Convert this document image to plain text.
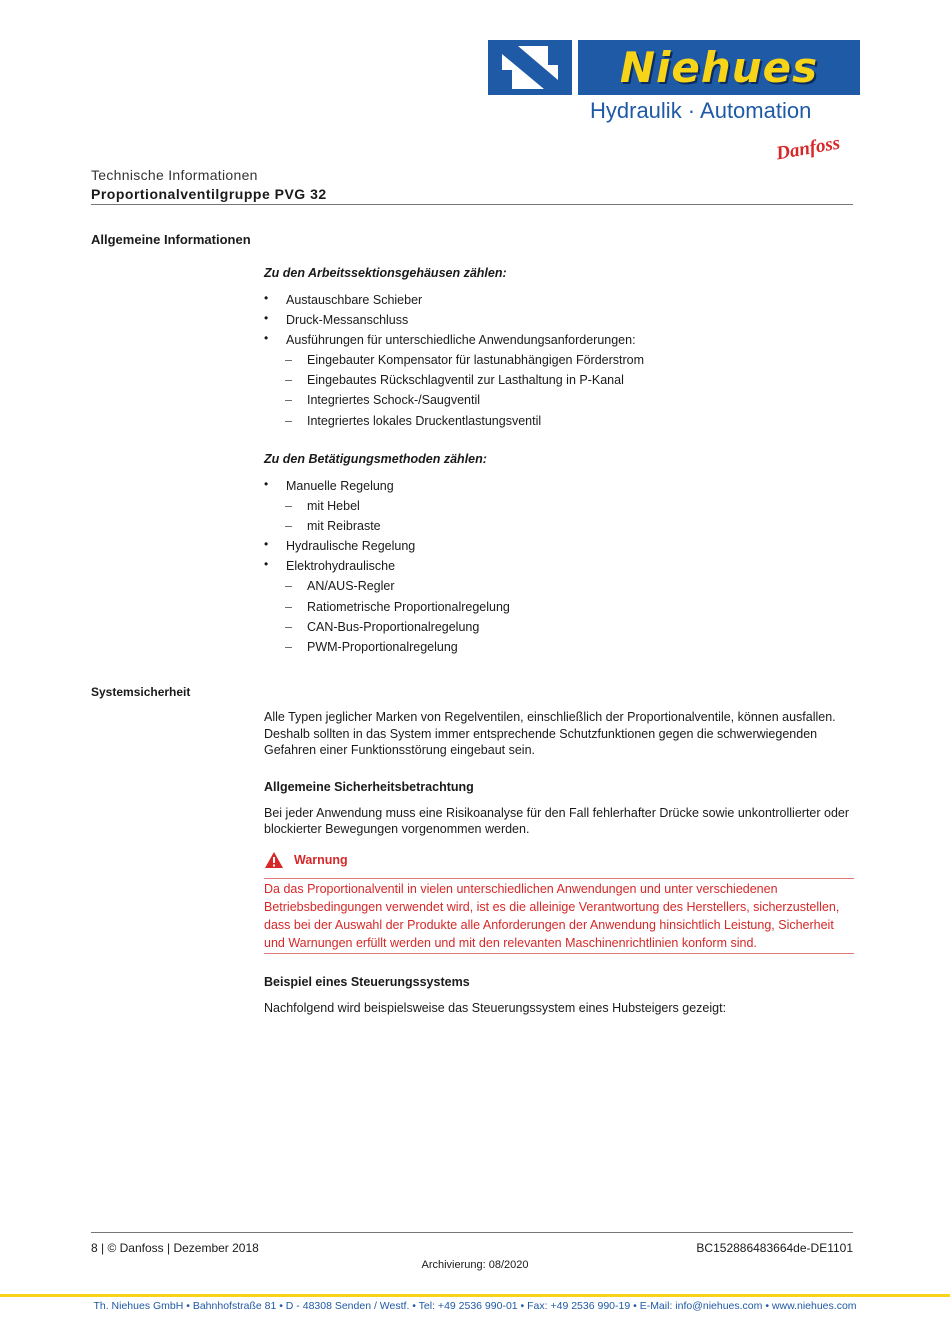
Niehues
Hydraulik · Automation
Danfoss
Technische Informationen
Proportionalventilgruppe PVG 32
Allgemeine Informationen
Zu den Arbeitssektionsgehäusen zählen:
• Austauschbare Schieber
• Druck-Messanschluss
• Ausführungen für unterschiedliche Anwendungsanforderungen:
– Eingebauter Kompensator für lastunabhängigen Förderstrom
– Eingebautes Rückschlagventil zur Lasthaltung in P-Kanal
– Integriertes Schock-/Saugventil
– Integriertes lokales Druckentlastungsventil
Zu den Betätigungsmethoden zählen:
• Manuelle Regelung
– mit Hebel
– mit Reibraste
• Hydraulische Regelung
• Elektrohydraulische
– AN/AUS-Regler
– Ratiometrische Proportionalregelung
– CAN-Bus-Proportionalregelung
– PWM-Proportionalregelung
Systemsicherheit
Alle Typen jeglicher Marken von Regelventilen, einschließlich der Proportionalventile, können ausfallen. Deshalb sollten in das System immer entsprechende Schutzfunktionen gegen die schwerwiegenden Gefahren einer Funktionsstörung eingebaut sein.
Allgemeine Sicherheitsbetrachtung
Bei jeder Anwendung muss eine Risikoanalyse für den Fall fehlerhafter Drücke sowie unkontrollierter oder blockierter Bewegungen vorgenommen werden.
Warnung
Da das Proportionalventil in vielen unterschiedlichen Anwendungen und unter verschiedenen Betriebsbedingungen verwendet wird, ist es die alleinige Verantwortung des Herstellers, sicherzustellen, dass bei der Auswahl der Produkte alle Anforderungen der Anwendung hinsichtlich Leistung, Sicherheit und Warnungen erfüllt werden und mit den relevanten Maschinenrichtlinien konform sind.
Beispiel eines Steuerungssystems
Nachfolgend wird beispielsweise das Steuerungssystem eines Hubsteigers gezeigt:
8 | © Danfoss | Dezember 2018	BC152886483664de-DE1101
Archivierung: 08/2020
Th. Niehues GmbH • Bahnhofstraße 81 • D - 48308 Senden / Westf. • Tel: +49 2536 990-01 • Fax: +49 2536 990-19 • E-Mail: info@niehues.com • www.niehues.com
